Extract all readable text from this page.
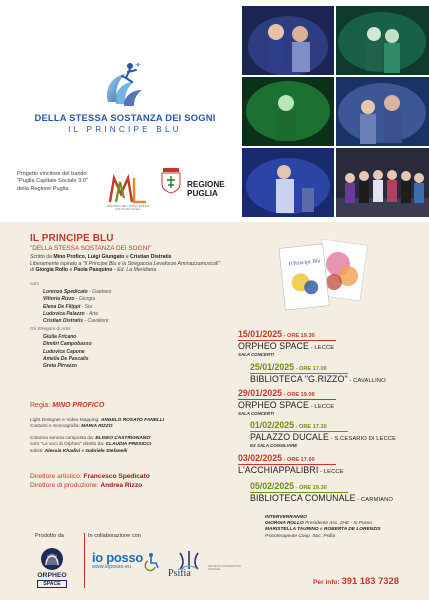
DELLA STESSA SOSTANZA DEI SOGNI
IL PRINCIPE BLU
Progetto vincitore del bando
"Puglia Capitale Sociale 3.0"
della Regione Puglia
MINISTERO DEL LAVORO E DELLE POLITICHE SOCIALI
REGIONE
PUGLIA
IL PRINCIPE BLU
"DELLA STESSA SOSTANZA DEI SOGNI"
Scritto da Mino Profico, Luigi Giungato e Cristian Distratis
Liberamente ispirato a "Il Principe Blu e la Stregaccia Levaforze Ammazzamuscoli"
di Giorgia Rollo e Paola Pasquino - Ed. La Meridiana
con:
Lorenzo Spedicato - Gaetano
Vittoria Rizzo - Giorgia
Elena De Filippi - Sia
Ludovica Palazzo - Arte
Cristian Distratis - Cavaliere
Gli Stregoni di Arte:
Giulia Fricano
Dimitri Campobasso
Ludovica Capone
Amelia De Pascalis
Greta Pirrazzo
Regia: MINO PROFICO
Light Designer e Video Mapping: ANGELO ROSATO FANELLI
Costumi e Scenografia: MARIA RIZZO
Colonna sonora composta da: ELISEO CASTRIGNANO'
coro "Le voci di Orpheo" diretto da: CLAUDIA PRESICCI
solisti: Alessia Khadivi e Gabriele Stefanelli
Direttore artistico: Francesco Spedicato
Direttore di produzione: Andrea Rizzo
Il Principe Blu
15/01/2025 - ORE 19.30
ORPHEO SPACE - LECCE
SALA CONCERTI
25/01/2025 - ORE 17.00
BIBLIOTECA "G.RIZZO" - CAVALLINO
29/01/2025 - ORE 19.00
ORPHEO SPACE - LECCE
SALA CONCERTI
01/02/2025 - ORE 17.30
PALAZZO DUCALE - S.CESARIO DI LECCE
EX SALA CONSILIARE
03/02/2025 - ORE 17.00
L'ACCHIAPPALIBRI - LECCE
05/02/2025 - ORE 19.30
BIBLIOTECA COMUNALE - CARMIANO
INTERVERRANNO
GIORGIA ROLLO Presidente Ass. 2HE - Io Posso
MARISTELLA TAURINO e ROBERTA DE LORENZIS
Psicoterapeute Coop. Soc. Psifia
Prodotto da	In collaborazione con
ORPHEO
SPACE
io posso
www.ioposso.eu
Psifia
SOCIETÀ COOPERATIVA SOCIALE
Per info: 391 183 7328
